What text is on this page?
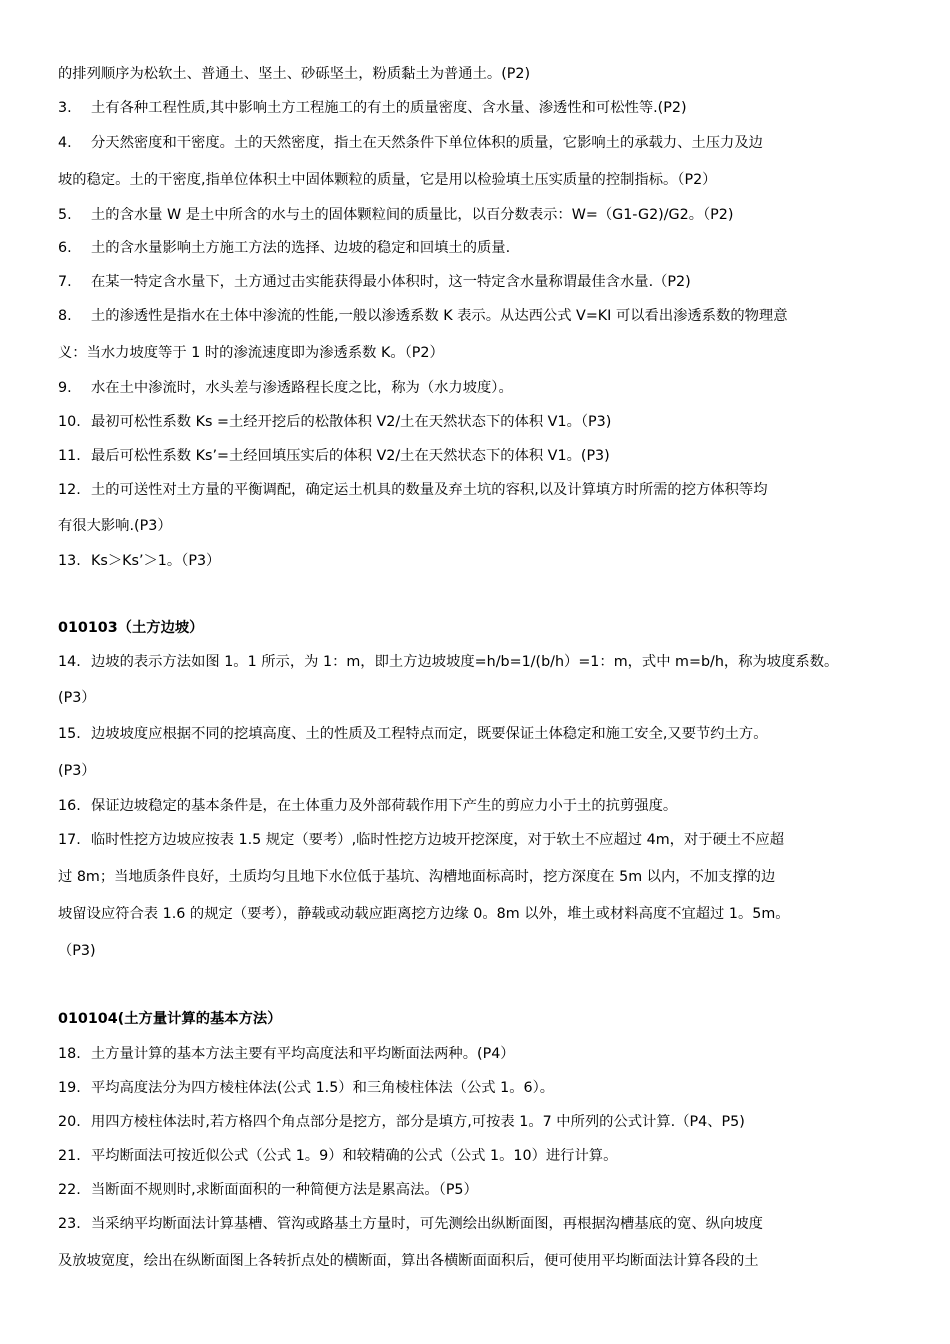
的排列顺序为松软土、普通土、坚土、砂砾坚土，粉质黏土为普通土。(P2)
3. 土有各种工程性质,其中影响土方工程施工的有土的质量密度、含水量、渗透性和可松性等.(P2)
4. 分天然密度和干密度。土的天然密度，指土在天然条件下单位体积的质量，它影响土的承载力、土压力及边
坡的稳定。土的干密度,指单位体积土中固体颗粒的质量，它是用以检验填土压实质量的控制指标。（P2）
5. 土的含水量 W 是土中所含的水与土的固体颗粒间的质量比，以百分数表示：W=（G1-G2)/G2。（P2)
6. 土的含水量影响土方施工方法的选择、边坡的稳定和回填土的质量.
7. 在某一特定含水量下，土方通过击实能获得最小体积时，这一特定含水量称谓最佳含水量.（P2)
8. 土的渗透性是指水在土体中渗流的性能,一般以渗透系数 K 表示。从达西公式 V=KI 可以看出渗透系数的物理意
义：当水力坡度等于 1 时的渗流速度即为渗透系数 K。（P2）
9. 水在土中渗流时，水头差与渗透路程长度之比，称为（水力坡度）。
10. 最初可松性系数 Ks =土经开挖后的松散体积 V2/土在天然状态下的体积 V1。（P3)
11. 最后可松性系数 Ks’=土经回填压实后的体积 V2/土在天然状态下的体积 V1。(P3)
12. 土的可送性对土方量的平衡调配，确定运土机具的数量及弃土坑的容积,以及计算填方时所需的挖方体积等均
有很大影响.(P3）
13. Ks＞Ks’＞1。（P3）
010103（土方边坡）
14. 边坡的表示方法如图 1。1 所示，为 1：m，即土方边坡坡度=h/b=1/(b/h）=1：m，式中 m=b/h，称为坡度系数。
(P3）
15. 边坡坡度应根据不同的挖填高度、土的性质及工程特点而定，既要保证土体稳定和施工安全,又要节约土方。
(P3）
16. 保证边坡稳定的基本条件是，在土体重力及外部荷载作用下产生的剪应力小于土的抗剪强度。
17. 临时性挖方边坡应按表 1.5 规定（要考）,临时性挖方边坡开挖深度，对于软土不应超过 4m，对于硬土不应超
过 8m；当地质条件良好，土质均匀且地下水位低于基坑、沟槽地面标高时，挖方深度在 5m 以内，不加支撑的边
坡留设应符合表 1.6 的规定（要考），静载或动载应距离挖方边缘 0。8m 以外，堆土或材料高度不宜超过 1。5m。
（P3)
010104(土方量计算的基本方法）
18. 土方量计算的基本方法主要有平均高度法和平均断面法两种。(P4）
19. 平均高度法分为四方棱柱体法(公式 1.5）和三角棱柱体法（公式 1。6）。
20. 用四方棱柱体法时,若方格四个角点部分是挖方，部分是填方,可按表 1。7 中所列的公式计算.（P4、P5)
21. 平均断面法可按近似公式（公式 1。9）和较精确的公式（公式 1。10）进行计算。
22. 当断面不规则时,求断面面积的一种简便方法是累高法。（P5）
23. 当采纳平均断面法计算基槽、管沟或路基土方量时，可先测绘出纵断面图，再根据沟槽基底的宽、纵向坡度
及放坡宽度，绘出在纵断面图上各转折点处的横断面，算出各横断面面积后，便可使用平均断面法计算各段的土
